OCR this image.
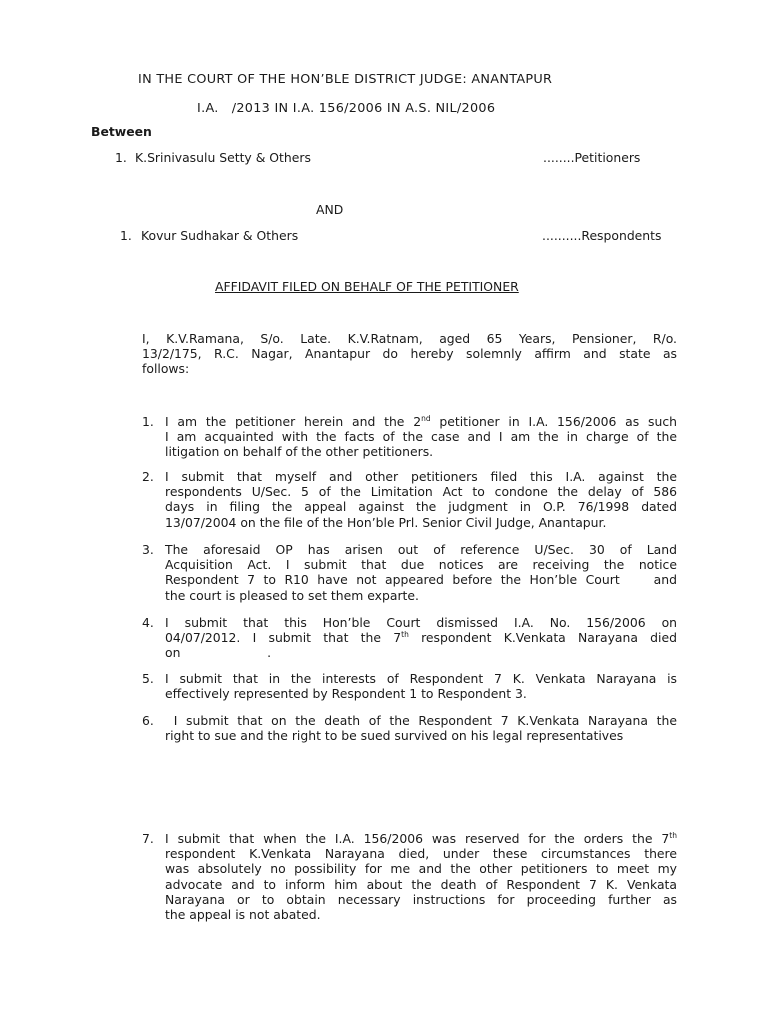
IN THE COURT OF THE HON’BLE DISTRICT JUDGE: ANANTAPUR
I.A.   /2013 IN I.A. 156/2006 IN A.S. NIL/2006
Between
1. K.Srinivasulu Setty & Others	........Petitioners
AND
1. Kovur Sudhakar & Others	..........Respondents
AFFIDAVIT FILED ON BEHALF OF THE PETITIONER
I, K.V.Ramana, S/o. Late. K.V.Ratnam, aged 65 Years, Pensioner, R/o.
13/2/175, R.C. Nagar, Anantapur do hereby solemnly affirm and state as
follows:
1. I am the petitioner herein and the 2nd petitioner in I.A. 156/2006 as such
I am acquainted with the facts of the case and I am the in charge of the
litigation on behalf of the other petitioners.
2. I submit that myself and other petitioners filed this I.A. against the
respondents U/Sec. 5 of the Limitation Act to condone the delay of 586
days in filing the appeal against the judgment in O.P. 76/1998 dated
13/07/2004 on the file of the Hon’ble Prl. Senior Civil Judge, Anantapur.
3. The aforesaid OP has arisen out of reference U/Sec. 30 of Land
Acquisition Act. I submit that due notices are receiving the notice
Respondent 7 to R10 have not appeared before the Hon’ble Court    and
the court is pleased to set them exparte.
4. I submit that this Hon’ble Court dismissed I.A. No. 156/2006 on
04/07/2012. I submit that the 7th respondent K.Venkata Narayana died
on                      .
5. I submit that in the interests of Respondent 7 K. Venkata Narayana is
effectively represented by Respondent 1 to Respondent 3.
6. I submit that on the death of the Respondent 7 K.Venkata Narayana the
right to sue and the right to be sued survived on his legal representatives
7. I submit that when the I.A. 156/2006 was reserved for the orders the 7th
respondent K.Venkata Narayana died, under these circumstances there
was absolutely no possibility for me and the other petitioners to meet my
advocate and to inform him about the death of Respondent 7 K. Venkata
Narayana or to obtain necessary instructions for proceeding further as
the appeal is not abated.
